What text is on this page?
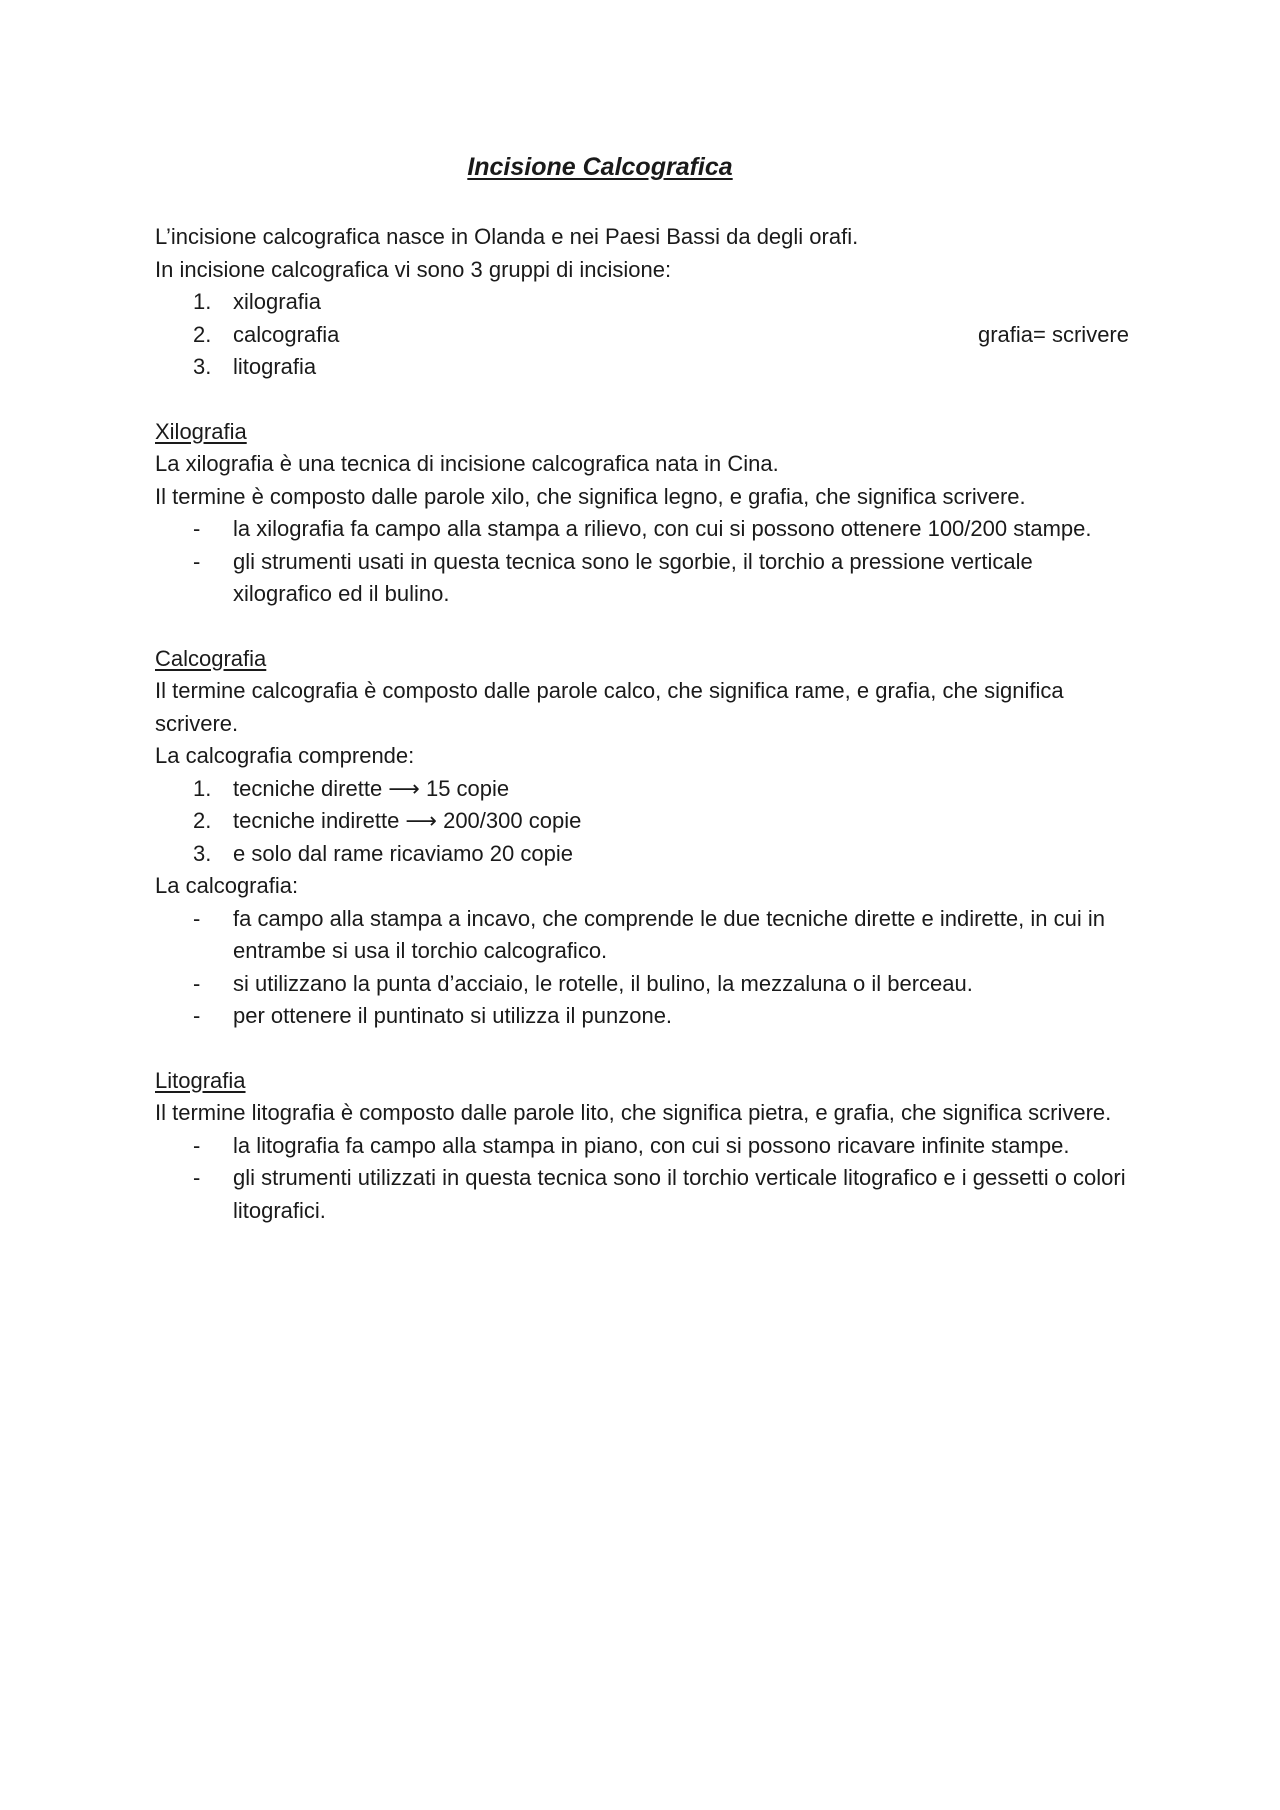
Incisione Calcografica

L’incisione calcografica nasce in Olanda e nei Paesi Bassi da degli orafi.

In incisione calcografica vi sono 3 gruppi di incisione:

1. xilografia
2. calcografia	grafia= scrivere
3. litografia

Xilografia

La xilografia è una tecnica di incisione calcografica nata in Cina.

Il termine è composto dalle parole xilo, che significa legno, e grafia, che significa scrivere.

- la xilografia fa campo alla stampa a rilievo, con cui si possono ottenere 100/200 stampe.
- gli strumenti usati in questa tecnica sono le sgorbie, il torchio a pressione verticale xilografico ed il bulino.

Calcografia

Il termine calcografia è composto dalle parole calco, che significa rame, e grafia, che significa scrivere.

La calcografia comprende:

1. tecniche dirette ⟶ 15 copie
2. tecniche indirette ⟶ 200/300 copie
3. e solo dal rame ricaviamo 20 copie

La calcografia:

- fa campo alla stampa a incavo, che comprende le due tecniche dirette e indirette, in cui in entrambe si usa il torchio calcografico.
- si utilizzano la punta d’acciaio, le rotelle, il bulino, la mezzaluna o il berceau.
- per ottenere il puntinato si utilizza il punzone.

Litografia

Il termine litografia è composto dalle parole lito, che significa pietra, e grafia, che significa scrivere.

- la litografia fa campo alla stampa in piano, con cui si possono ricavare infinite stampe.
- gli strumenti utilizzati in questa tecnica sono il torchio verticale litografico e i gessetti o colori litografici.
